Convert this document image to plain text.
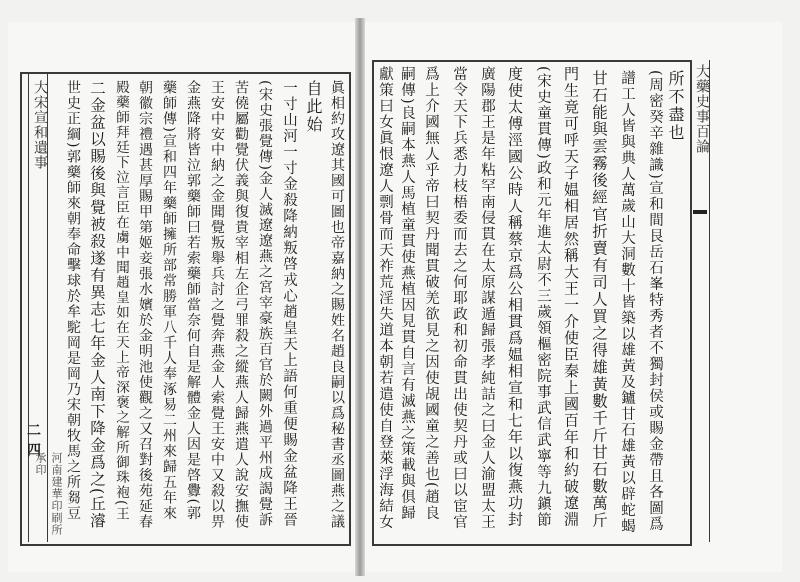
大藥史事百論
所不盡也
(周密癸辛雜識)宣和間艮岳石峯特秀者不獨封侯或賜金帶且各圖爲
譜工人皆與典人萬歲山大洞數十皆築以雄黃及鑪甘石雄黃以辟蛇蝎
甘石能與雲霧後經官折賣有司人買之得雄黃數千斤甘石數萬斤
門生竟可呼天子媪相居然稱大王一介使臣秦上國百年和約破遼淵
(宋史童貫傳)政和元年進太尉不三歲領樞密院事武信武寧等九鎭節
度使太傅涇國公時人稱蔡京爲公相貫爲媪相宣和七年以復燕功封
廣陽郡王是年粘罕南侵貫在太原謀遁歸張孝純詰之曰金人渝盟太王
當令天下兵悉力枝梧委而去之何耶政和初命貫出使契丹或曰以宦官
爲上介國無人乎帝曰契丹聞貫破羌欲見之因使覘國童之善也(趙良
嗣傳)良嗣本燕人馬植童貫使燕植因見貫自言有滅燕之策載與俱歸
獻策曰女眞恨遼人剽骨而天祚荒淫失道本朝若遣使自登萊浮海結女
大宋宣和遺事
二四
河南建華印刷所承印	眞相約攻遼其國可圖也帝嘉納之賜姓名趙良嗣以爲秘書丞圖燕之議
自此始
一寸山河一寸金殺降納叛啓戎心趙皇天上語何重便賜金盆降王晉
(宋史張覺傳)金人滅遼遼燕之宮宰豪族百官於闕外過平州成謁覺訴
苦僥屬勸覺伏義與復貴宰相左企弓罪殺之縱燕人歸燕遣人說安撫使
王安中安中納之金聞覺叛舉兵討之覺奔燕金人索覺王安中又殺以畀
金燕降將皆泣郭藥師曰若索藥師當奈何自是解體金人因是啓釁(郭
藥師傳)宣和四年藥師擁所部常勝軍八千人奉涿易二州來歸五年來
朝徽宗禮遇甚厚賜甲第姬妾張水嬪於金明池使觀之又召對後苑延春
殿藥師拜廷下泣言臣在虜中聞趙皇如在天上帝深褒之解所御珠袍(王
二金盆以賜後與覺被殺遂有異志七年金人南下降金爲之(丘濬
世史正綱)郭藥師來朝奉命擊球於牟駝岡是岡乃宋朝牧馬之所芻豆
